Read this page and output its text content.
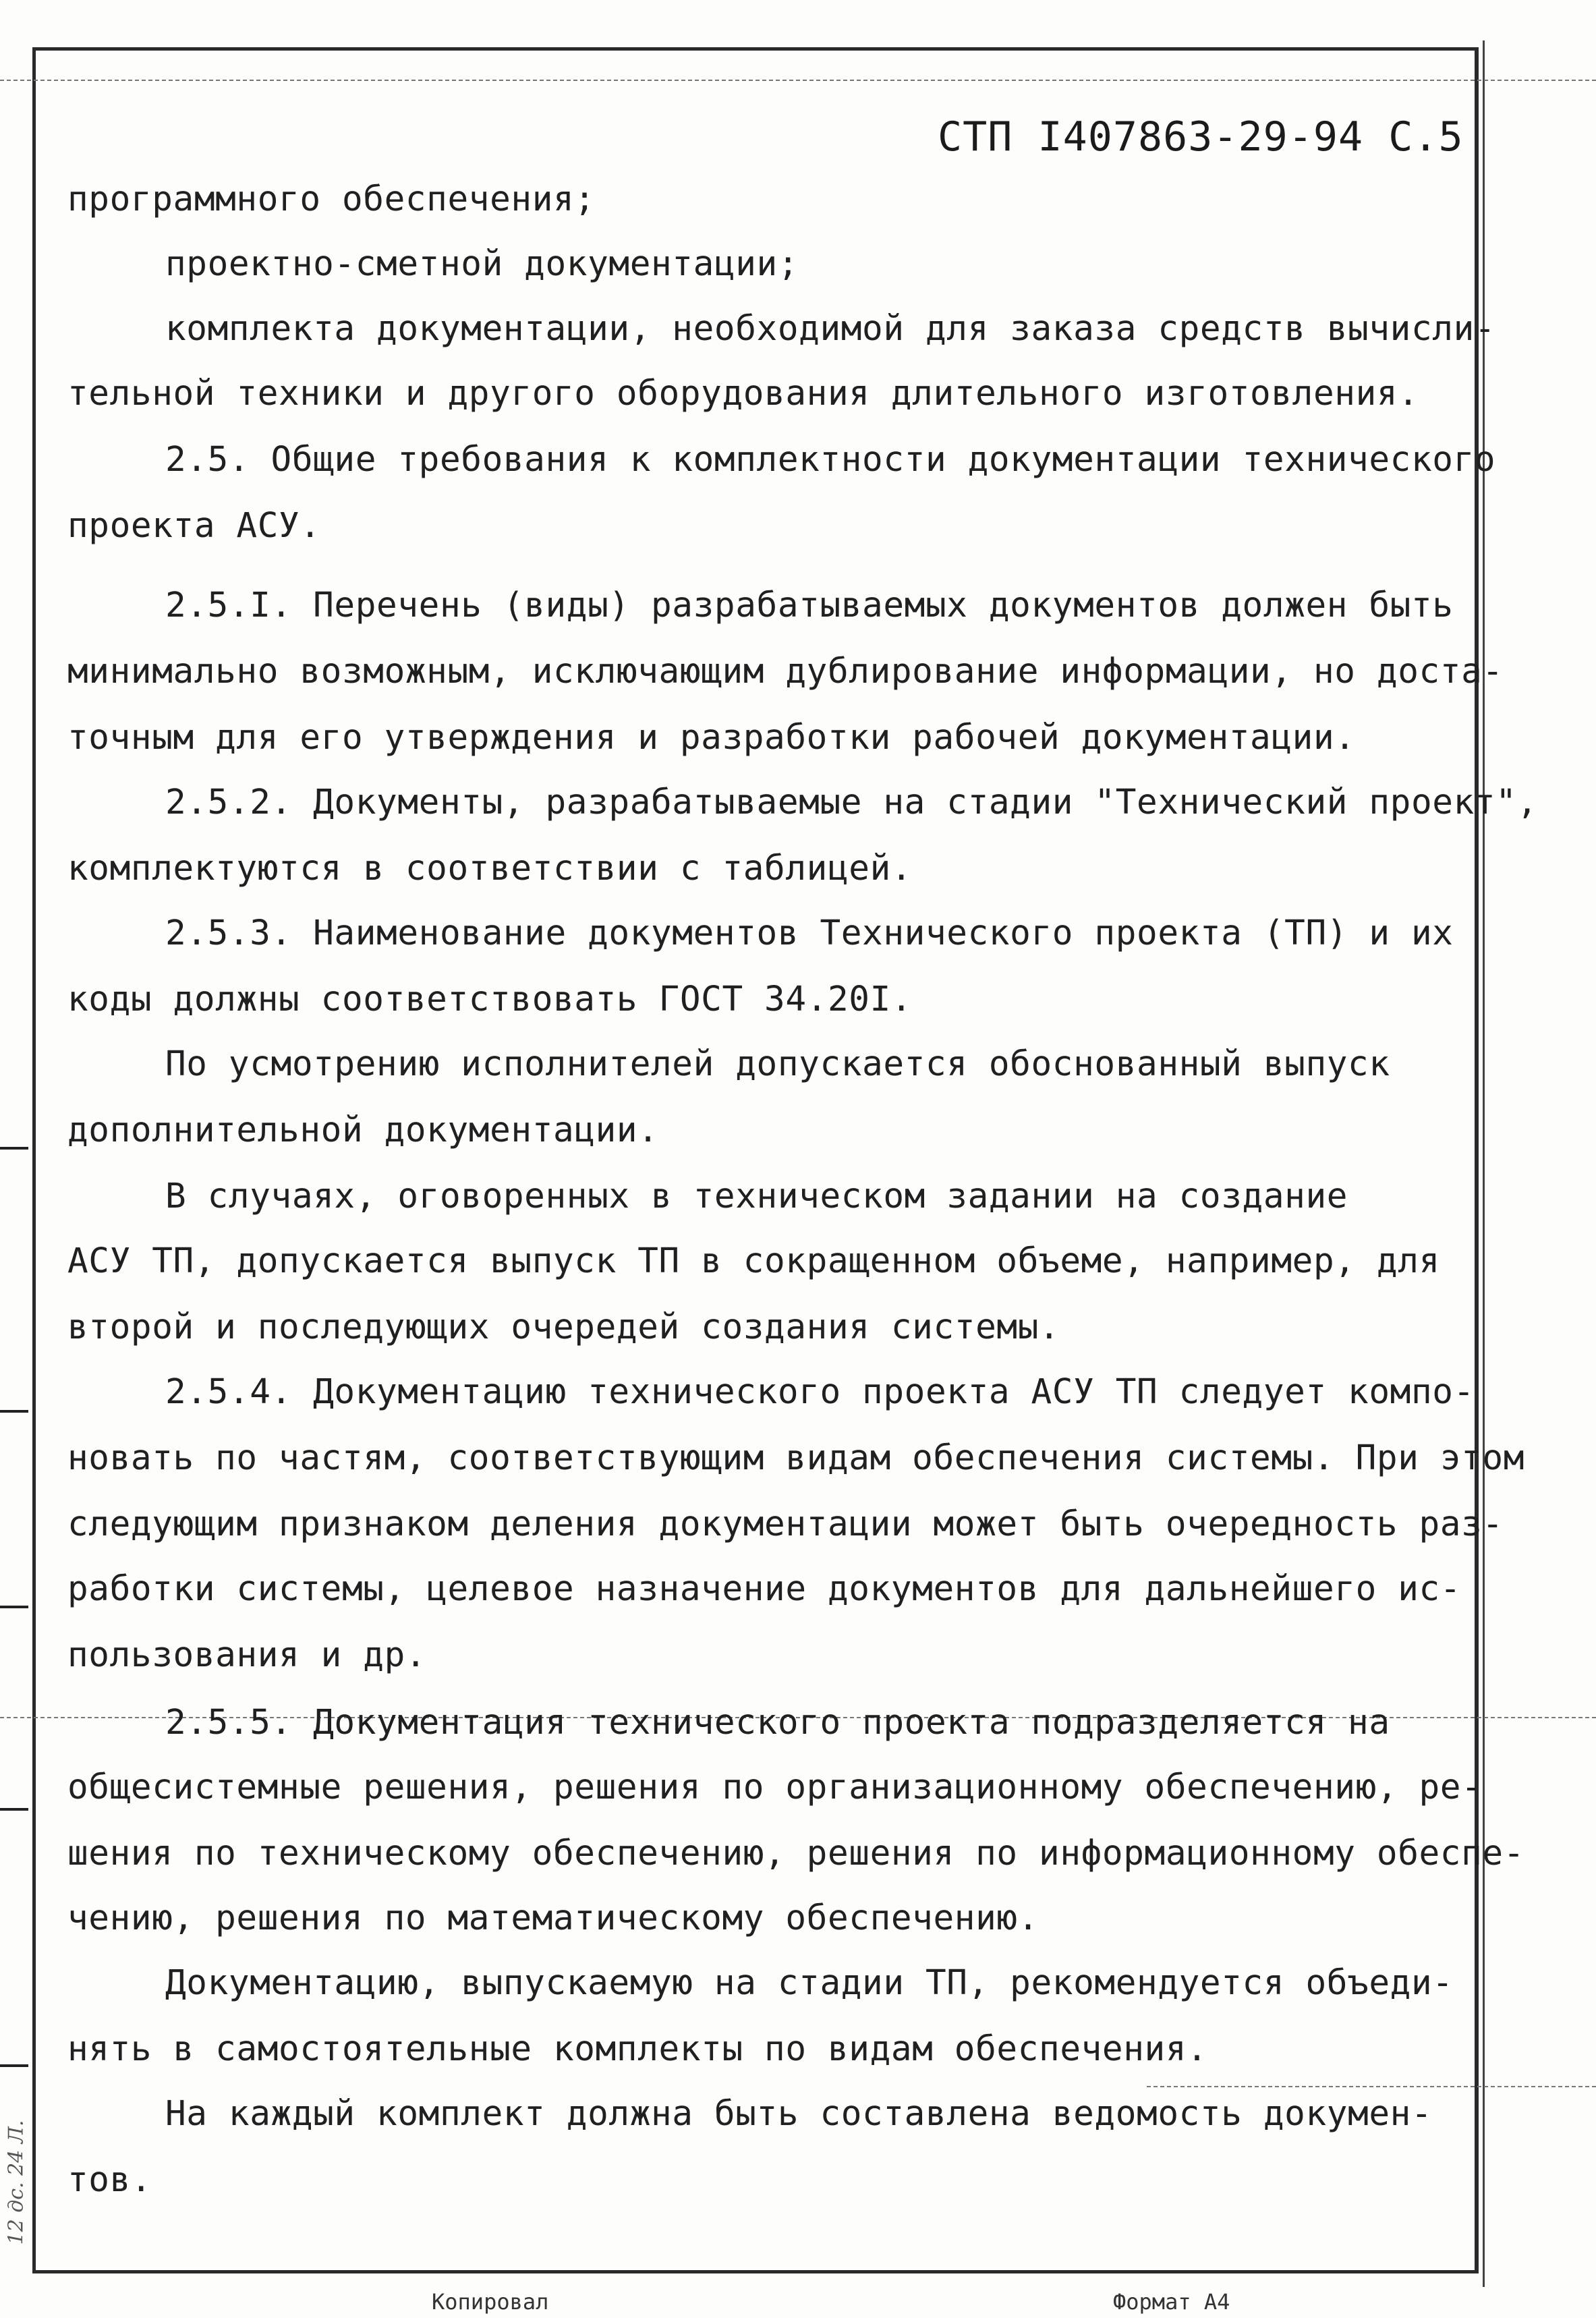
СТП I407863-29-94 С.5
программного обеспечения;
проектно-сметной документации;
комплекта документации, необходимой для заказа средств вычисли-
тельной техники и другого оборудования длительного изготовления.
2.5. Общие требования к комплектности документации технического
проекта АСУ.
2.5.I. Перечень (виды) разрабатываемых документов должен быть
минимально возможным, исключающим дублирование информации, но доста-
точным для его утверждения и разработки рабочей документации.
2.5.2. Документы, разрабатываемые на стадии "Технический проект",
комплектуются в соответствии с таблицей.
2.5.3. Наименование документов Технического проекта (ТП) и их
коды должны соответствовать ГОСТ 34.20I.
По усмотрению исполнителей допускается обоснованный выпуск
дополнительной документации.
В случаях, оговоренных в техническом задании на создание
АСУ ТП, допускается выпуск ТП в сокращенном объеме, например, для
второй и последующих очередей создания системы.
2.5.4. Документацию технического проекта АСУ ТП следует компо-
новать по частям, соответствующим видам обеспечения системы. При этом
следующим признаком деления документации может быть очередность раз-
работки системы, целевое назначение документов для дальнейшего ис-
пользования и др.
2.5.5. Документация технического проекта подразделяется на
общесистемные решения, решения по организационному обеспечению, ре-
шения по техническому обеспечению, решения по информационному обеспе-
чению, решения по математическому обеспечению.
Документацию, выпускаемую на стадии ТП, рекомендуется объеди-
нять в самостоятельные комплекты по видам обеспечения.
На каждый комплект должна быть составлена ведомость докумен-
тов.
12 дс. 24 Л.
Копировал	Формат А4
